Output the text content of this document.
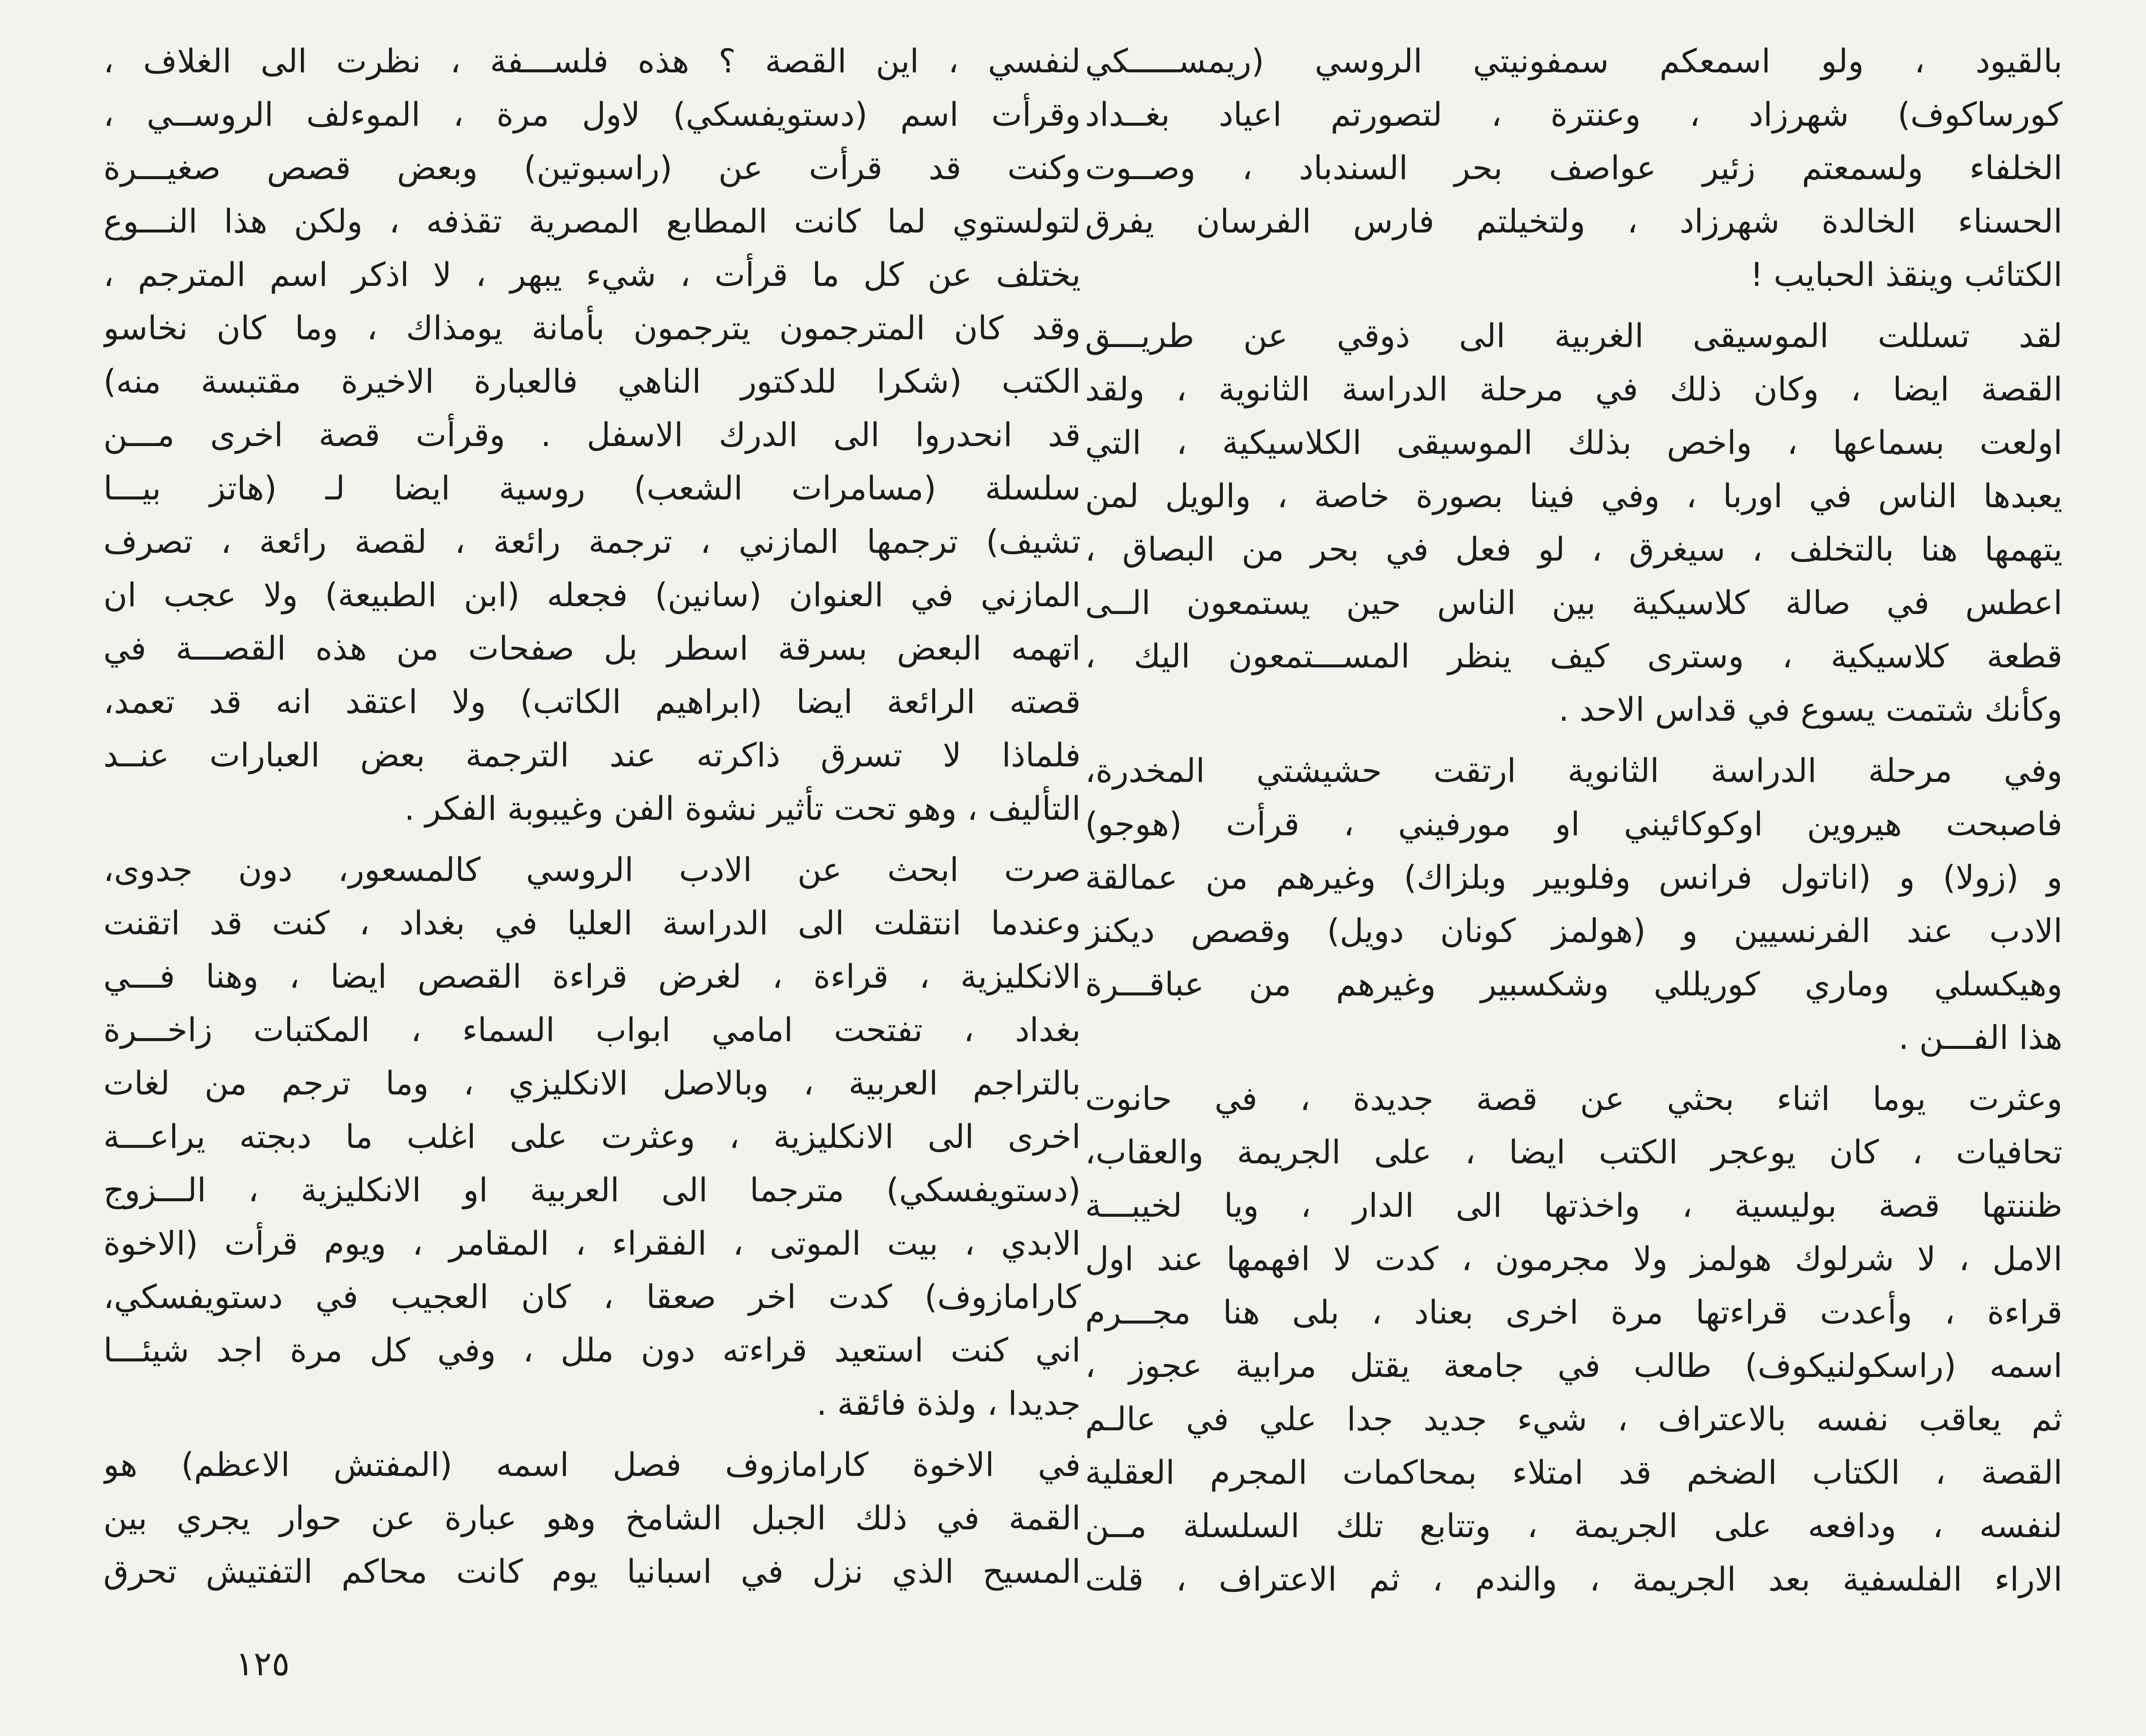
بالقيود ، ولو اسمعكم سمفونيتي الروسي (ريمســـــكي
كورساكوف) شهرزاد ، وعنترة ، لتصورتم اعياد بغــداد
الخلفاء ولسمعتم زئير عواصف بحر السندباد ، وصــوت
الحسناء الخالدة شهرزاد ، ولتخيلتم فارس الفرسان يفرق
الكتائب وينقذ الحبايب !
لقد تسللت الموسيقى الغربية الى ذوقي عن طريـــق
القصة ايضا ، وكان ذلك في مرحلة الدراسة الثانوية ، ولقد
اولعت بسماعها ، واخص بذلك الموسيقى الكلاسيكية ، التي
يعبدها الناس في اوربا ، وفي فينا بصورة خاصة ، والويل لمن
يتهمها هنا بالتخلف ، سيغرق ، لو فعل في بحر من البصاق ،
اعطس في صالة كلاسيكية بين الناس حين يستمعون الــى
قطعة كلاسيكية ، وسترى كيف ينظر المســـتمعون اليك ،
وكأنك شتمت يسوع في قداس الاحد .
وفي مرحلة الدراسة الثانوية ارتقت حشيشتي المخدرة،
فاصبحت هيروين اوكوكائيني او مورفيني ، قرأت (هوجو)
و (زولا) و (اناتول فرانس وفلوبير وبلزاك) وغيرهم من عمالقة
الادب عند الفرنسيين و (هولمز كونان دويل) وقصص ديكنز
وهيكسلي وماري كوريللي وشكسبير وغيرهم من عباقـــرة
هذا الفـــن .
وعثرت يوما اثناء بحثي عن قصة جديدة ، في حانوت
تحافيات ، كان يوعجر الكتب ايضا ، على الجريمة والعقاب،
ظننتها قصة بوليسية ، واخذتها الى الدار ، ويا لخيبـــة
الامل ، لا شرلوك هولمز ولا مجرمون ، كدت لا افهمها عند اول
قراءة ، وأعدت قراءتها مرة اخرى بعناد ، بلى هنا مجـــرم
اسمه (راسكولنيكوف) طالب في جامعة يقتل مرابية عجوز ،
ثم يعاقب نفسه بالاعتراف ، شيء جديد جدا علي في عالـم
القصة ، الكتاب الضخم قد امتلاء بمحاكمات المجرم العقلية
لنفسه ، ودافعه على الجريمة ، وتتابع تلك السلسلة مــن
الاراء الفلسفية بعد الجريمة ، والندم ، ثم الاعتراف ، قلت
لنفسي ، اين القصة ؟ هذه فلســـفة ، نظرت الى الغلاف ،
وقرأت اسم (دستويفسكي) لاول مرة ، الموءلف الروســي ،
وكنت قد قرأت عن (راسبوتين) وبعض قصص صغيـــرة
لتولستوي لما كانت المطابع المصرية تقذفه ، ولكن هذا النـــوع
يختلف عن كل ما قرأت ، شيء يبهر ، لا اذكر اسم المترجم ،
وقد كان المترجمون يترجمون بأمانة يومذاك ، وما كان نخاسو
الكتب (شكرا للدكتور الناهي فالعبارة الاخيرة مقتبسة منه)
قد انحدروا الى الدرك الاسفل . وقرأت قصة اخرى مـــن
سلسلة (مسامرات الشعب) روسية ايضا لـ (هاتز بيـــا
تشيف) ترجمها المازني ، ترجمة رائعة ، لقصة رائعة ، تصرف
المازني في العنوان (سانين) فجعله (ابن الطبيعة) ولا عجب ان
اتهمه البعض بسرقة اسطر بل صفحات من هذه القصـــة في
قصته الرائعة ايضا (ابراهيم الكاتب) ولا اعتقد انه قد تعمد،
فلماذا لا تسرق ذاكرته عند الترجمة بعض العبارات عنــد
التأليف ، وهو تحت تأثير نشوة الفن وغيبوبة الفكر .
صرت ابحث عن الادب الروسي كالمسعور، دون جدوى،
وعندما انتقلت الى الدراسة العليا في بغداد ، كنت قد اتقنت
الانكليزية ، قراءة ، لغرض قراءة القصص ايضا ، وهنا فـــي
بغداد ، تفتحت امامي ابواب السماء ، المكتبات زاخـــرة
بالتراجم العربية ، وبالاصل الانكليزي ، وما ترجم من لغات
اخرى الى الانكليزية ، وعثرت على اغلب ما دبجته يراعـــة
(دستويفسكي) مترجما الى العربية او الانكليزية ، الـــزوج
الابدي ، بيت الموتى ، الفقراء ، المقامر ، ويوم قرأت (الاخوة
كارامازوف) كدت اخر صعقا ، كان العجيب في دستويفسكي،
اني كنت استعيد قراءته دون ملل ، وفي كل مرة اجد شيئـــا
جديدا ، ولذة فائقة .
في الاخوة كارامازوف فصل اسمه (المفتش الاعظم) هو
القمة في ذلك الجبل الشامخ وهو عبارة عن حوار يجري بين
المسيح الذي نزل في اسبانيا يوم كانت محاكم التفتيش تحرق
١٢٥
